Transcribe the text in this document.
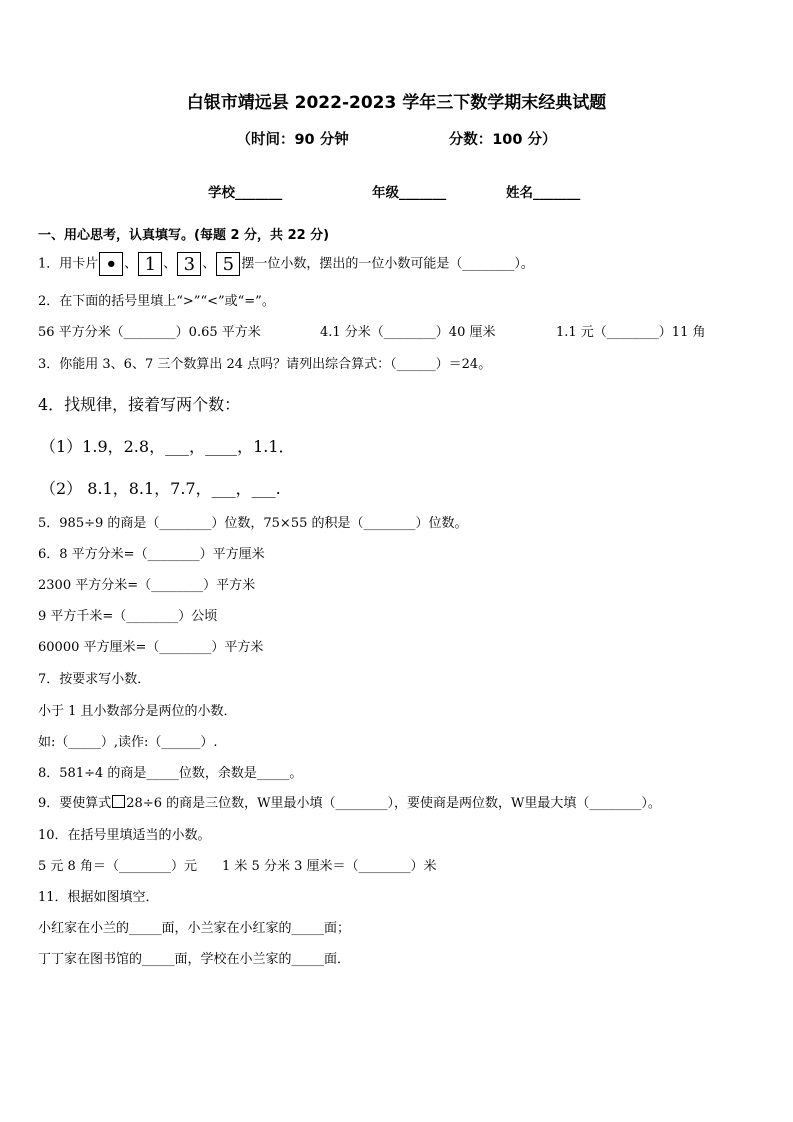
白银市靖远县 2022-2023 学年三下数学期末经典试题
（时间：90 分钟	分数：100 分）
学校_______	年级_______	姓名_______
一、用心思考，认真填写。(每题 2 分，共 22 分)
1．用卡片 • 、 1 、 3 、 5 摆一位小数，摆出的一位小数可能是（________）。
2．在下面的括号里填上“>”“<”或“=”。
56 平方分米（________）0.65 平方米	4.1 分米（________）40 厘米	1.1 元（________）11 角
3．你能用 3、6、7 三个数算出 24 点吗？请列出综合算式：（______）＝24。
4．找规律，接着写两个数：
（1）1.9，2.8，___，____，1.1．
（2） 8.1，8.1，7.7，___，___.
5．985÷9 的商是（________）位数，75×55 的积是（________）位数。
6．8 平方分米=（________）平方厘米
2300 平方分米=（________）平方米
9 平方千米=（________）公顷
60000 平方厘米=（________）平方米
7．按要求写小数．
小于 1 且小数部分是两位的小数．
如:（_____）,读作:（______）.
8．581÷4 的商是_____位数，余数是_____。
9．要使算式 28÷6 的商是三位数，W里最小填（________），要使商是两位数，W里最大填（________）。
10．在括号里填适当的小数。
5 元 8 角＝（________）元 1 米 5 分米 3 厘米＝（________）米
11．根据如图填空．
小红家在小兰的_____面，小兰家在小红家的_____面；
丁丁家在图书馆的_____面，学校在小兰家的_____面．
